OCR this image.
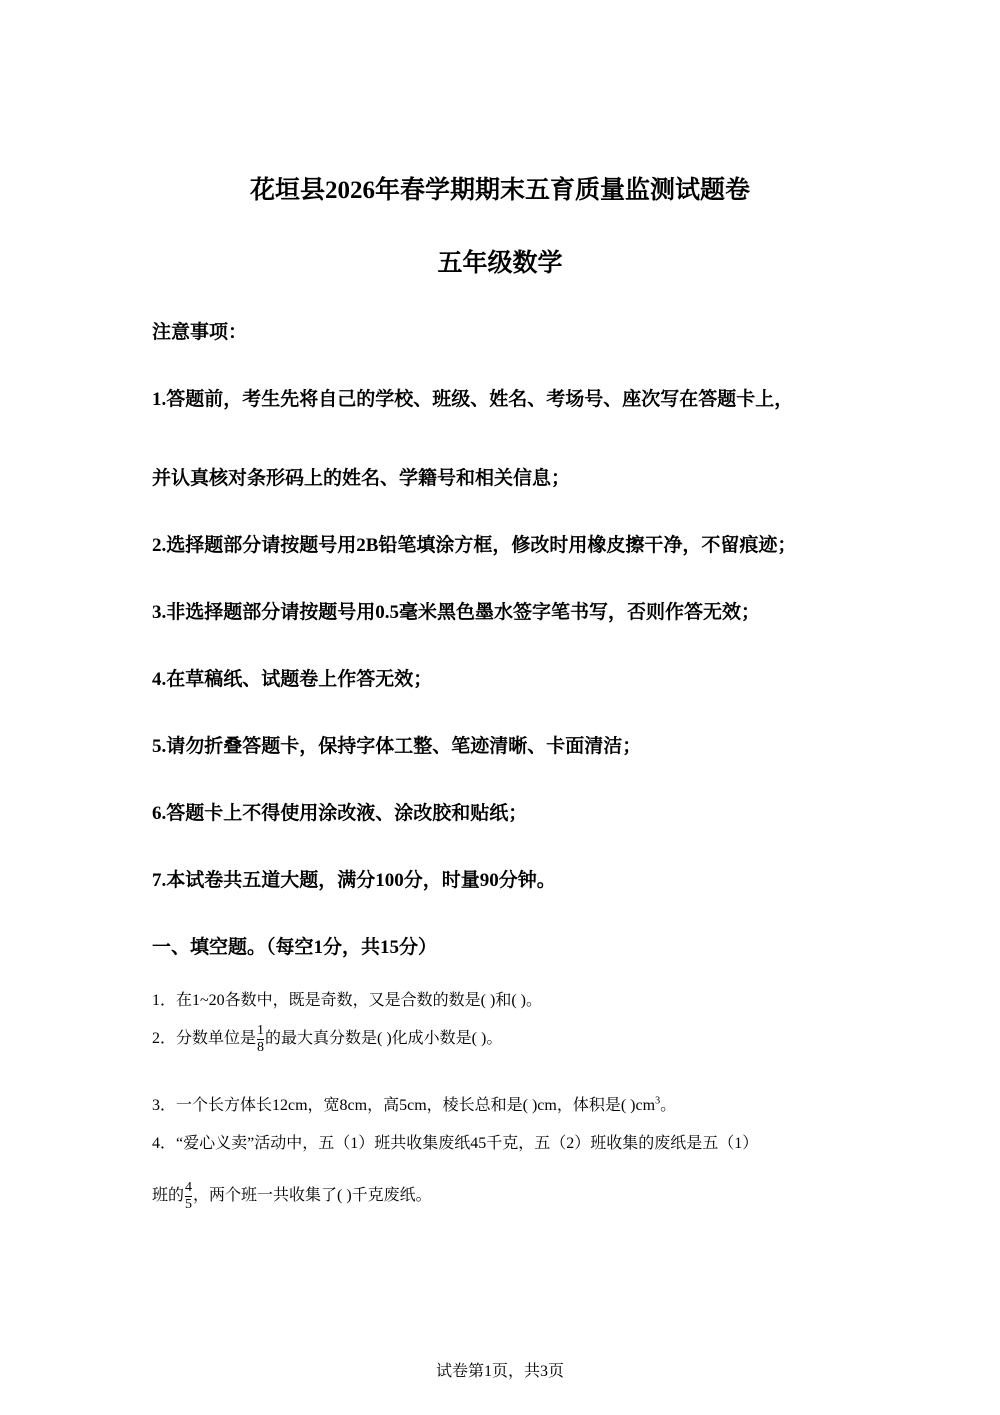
花垣县2026年春学期期末五育质量监测试题卷
五年级数学
注意事项：
1.答题前，考生先将自己的学校、班级、姓名、考场号、座次写在答题卡上，
并认真核对条形码上的姓名、学籍号和相关信息；
2.选择题部分请按题号用2B铅笔填涂方框，修改时用橡皮擦干净，不留痕迹；
3.非选择题部分请按题号用0.5毫米黑色墨水签字笔书写，否则作答无效；
4.在草稿纸、试题卷上作答无效；
5.请勿折叠答题卡，保持字体工整、笔迹清晰、卡面清洁；
6.答题卡上不得使用涂改液、涂改胶和贴纸；
7.本试卷共五道大题，满分100分，时量90分钟。
一、填空题。（每空1分，共15分）
1．在1~20各数中，既是奇数，又是合数的数是( )和( )。
2．分数单位是 $\frac{1}{8}$ 的最大真分数是( )化成小数是( )。
3．一个长方体长12cm，宽8cm，高5cm，棱长总和是( )cm，体积是( )$cm^3$。
4．“爱心义卖”活动中，五（1）班共收集废纸45千克，五（2）班收集的废纸是五（1）
班的 $\frac{4}{5}$ ，两个班一共收集了( )千克废纸。
试卷第1页，共3页
